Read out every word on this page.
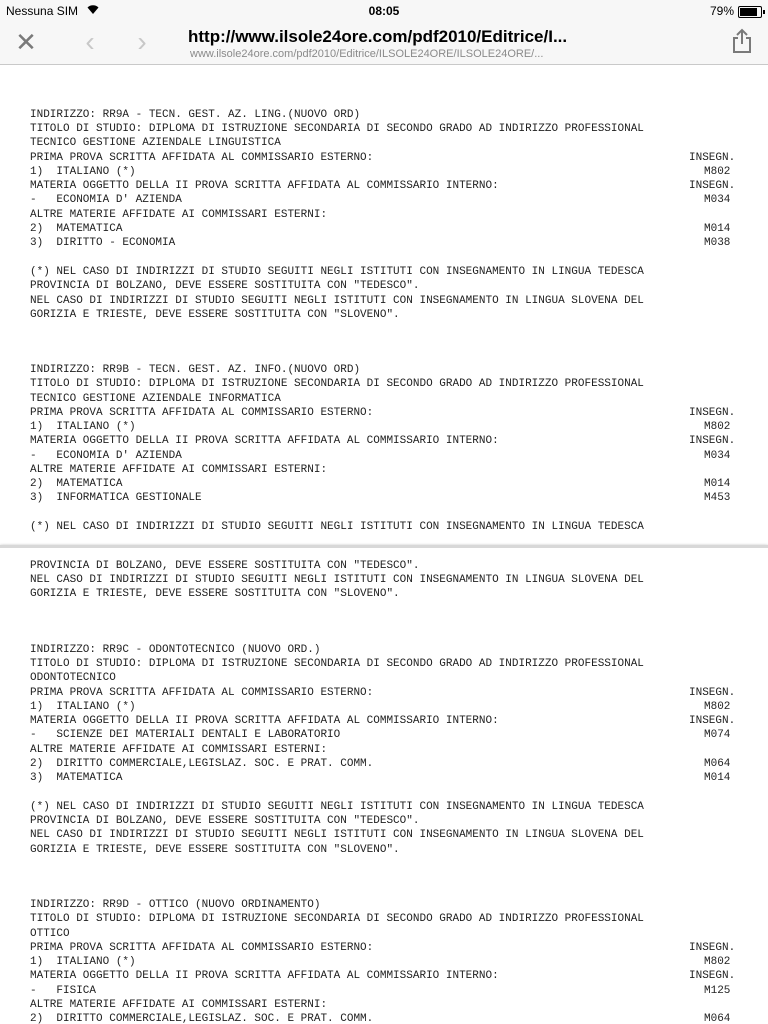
Nessuna SIM	08:05	79%
✕	‹	›	http://www.ilsole24ore.com/pdf2010/Editrice/I...
www.ilsole24ore.com/pdf2010/Editrice/ILSOLE24ORE/ILSOLE24ORE/...
INDIRIZZO: RR9A - TECN. GEST. AZ. LING.(NUOVO ORD)
TITOLO DI STUDIO: DIPLOMA DI ISTRUZIONE SECONDARIA DI SECONDO GRADO AD INDIRIZZO PROFESSIONAL
TECNICO GESTIONE AZIENDALE LINGUISTICA
PRIMA PROVA SCRITTA AFFIDATA AL COMMISSARIO ESTERNO:	INSEGN.
1)  ITALIANO (*)	M802
MATERIA OGGETTO DELLA II PROVA SCRITTA AFFIDATA AL COMMISSARIO INTERNO:	INSEGN.
-   ECONOMIA D' AZIENDA	M034
ALTRE MATERIE AFFIDATE AI COMMISSARI ESTERNI:
2)  MATEMATICA	M014
3)  DIRITTO - ECONOMIA	M038
(*) NEL CASO DI INDIRIZZI DI STUDIO SEGUITI NEGLI ISTITUTI CON INSEGNAMENTO IN LINGUA TEDESCA
PROVINCIA DI BOLZANO, DEVE ESSERE SOSTITUITA CON "TEDESCO".
NEL CASO DI INDIRIZZI DI STUDIO SEGUITI NEGLI ISTITUTI CON INSEGNAMENTO IN LINGUA SLOVENA DEL
GORIZIA E TRIESTE, DEVE ESSERE SOSTITUITA CON "SLOVENO".
INDIRIZZO: RR9B - TECN. GEST. AZ. INFO.(NUOVO ORD)
TITOLO DI STUDIO: DIPLOMA DI ISTRUZIONE SECONDARIA DI SECONDO GRADO AD INDIRIZZO PROFESSIONAL
TECNICO GESTIONE AZIENDALE INFORMATICA
PRIMA PROVA SCRITTA AFFIDATA AL COMMISSARIO ESTERNO:	INSEGN.
1)  ITALIANO (*)	M802
MATERIA OGGETTO DELLA II PROVA SCRITTA AFFIDATA AL COMMISSARIO INTERNO:	INSEGN.
-   ECONOMIA D' AZIENDA	M034
ALTRE MATERIE AFFIDATE AI COMMISSARI ESTERNI:
2)  MATEMATICA	M014
3)  INFORMATICA GESTIONALE	M453
(*) NEL CASO DI INDIRIZZI DI STUDIO SEGUITI NEGLI ISTITUTI CON INSEGNAMENTO IN LINGUA TEDESCA
PROVINCIA DI BOLZANO, DEVE ESSERE SOSTITUITA CON "TEDESCO".
NEL CASO DI INDIRIZZI DI STUDIO SEGUITI NEGLI ISTITUTI CON INSEGNAMENTO IN LINGUA SLOVENA DEL
GORIZIA E TRIESTE, DEVE ESSERE SOSTITUITA CON "SLOVENO".
INDIRIZZO: RR9C - ODONTOTECNICO (NUOVO ORD.)
TITOLO DI STUDIO: DIPLOMA DI ISTRUZIONE SECONDARIA DI SECONDO GRADO AD INDIRIZZO PROFESSIONAL
ODONTOTECNICO
PRIMA PROVA SCRITTA AFFIDATA AL COMMISSARIO ESTERNO:	INSEGN.
1)  ITALIANO (*)	M802
MATERIA OGGETTO DELLA II PROVA SCRITTA AFFIDATA AL COMMISSARIO INTERNO:	INSEGN.
-   SCIENZE DEI MATERIALI DENTALI E LABORATORIO	M074
ALTRE MATERIE AFFIDATE AI COMMISSARI ESTERNI:
2)  DIRITTO COMMERCIALE,LEGISLAZ. SOC. E PRAT. COMM.	M064
3)  MATEMATICA	M014
(*) NEL CASO DI INDIRIZZI DI STUDIO SEGUITI NEGLI ISTITUTI CON INSEGNAMENTO IN LINGUA TEDESCA
PROVINCIA DI BOLZANO, DEVE ESSERE SOSTITUITA CON "TEDESCO".
NEL CASO DI INDIRIZZI DI STUDIO SEGUITI NEGLI ISTITUTI CON INSEGNAMENTO IN LINGUA SLOVENA DEL
GORIZIA E TRIESTE, DEVE ESSERE SOSTITUITA CON "SLOVENO".
INDIRIZZO: RR9D - OTTICO (NUOVO ORDINAMENTO)
TITOLO DI STUDIO: DIPLOMA DI ISTRUZIONE SECONDARIA DI SECONDO GRADO AD INDIRIZZO PROFESSIONAL
OTTICO
PRIMA PROVA SCRITTA AFFIDATA AL COMMISSARIO ESTERNO:	INSEGN.
1)  ITALIANO (*)	M802
MATERIA OGGETTO DELLA II PROVA SCRITTA AFFIDATA AL COMMISSARIO INTERNO:	INSEGN.
-   FISICA	M125
ALTRE MATERIE AFFIDATE AI COMMISSARI ESTERNI:
2)  DIRITTO COMMERCIALE,LEGISLAZ. SOC. E PRAT. COMM.	M064
